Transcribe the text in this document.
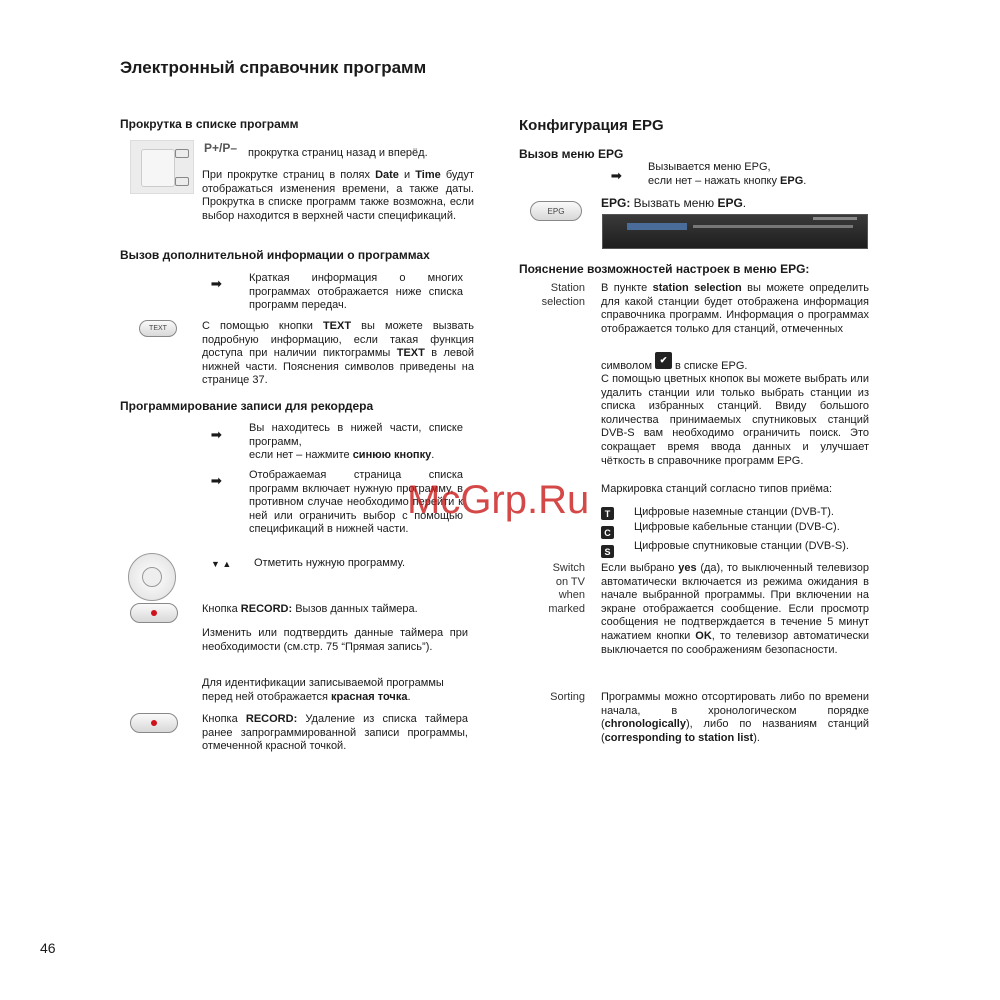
Электронный справочник программ
Прокрутка в списке программ
P+/P– прокрутка страниц назад и вперёд.
При прокрутке страниц в полях Date и Time будут отображаться изменения времени, а также даты. Прокрутка в списке программ также возможна, если выбор находится в верхней части спецификаций.
Вызов дополнительной информации о программах
➟	Краткая информация о многих программах отображается ниже списка программ передач.
TEXT	С помощью кнопки TEXT вы можете вызвать подробную информацию, если такая функция доступа при наличии пиктограммы TEXT в левой нижней части. Пояснения символов приведены на странице 37.
Программирование записи для рекордера
➟	Вы находитесь в нижей части, списке программ,
если нет – нажмите синюю кнопку.
➟	Отображаемая страница списка программ включает нужную программу, в противном случае необходимо перейти к ней или ограничить выбор с помощью спецификаций в нижней части.
▼ ▲ Отметить нужную программу.
Кнопка RECORD: Вызов данных таймера.
Изменить или подтвердить данные таймера при необходимости (см.стр. 75 “Прямая запись”).
Для идентификации записываемой программы перед ней отображается красная точка.
Кнопка RECORD: Удаление из списка таймера ранее запрограммированной записи программы, отмеченной красной точкой.
Конфигурация EPG
Вызов меню EPG
➟
Вызывается меню EPG,
если нет – нажать кнопку EPG.
EPG
EPG: Вызвать меню EPG.
Пояснение возможностей настроек в меню EPG:
Station selection
В пункте station selection вы можете определить для какой станции будет отображена информация справочника программ. Информация о программах отображается только для станций, отмеченных
символом ✔ в списке EPG.
С помощью цветных кнопок вы можете выбрать или удалить станции или только выбрать станции из списка избранных станций. Ввиду большого количества принимаемых спутниковых станций DVB-S вам необходимо ограничить поиск. Это сокращает время ввода данных и улучшает чёткость в справочнике программ EPG.
Маркировка станций согласно типов приёма:
T	Цифровые наземные станции (DVB-T).
C Цифровые кабельные станции (DVB-C).
S	Цифровые спутниковые станции (DVB-S).
Switch on TV when marked
Если выбрано yes (да), то выключенный телевизор автоматически включается из режима ожидания в начале выбранной программы. При включении на экране отображается сообщение. Если просмотр сообщения не подтверждается в течение 5 минут нажатием кнопки OK, то телевизор автоматически выключается по соображениям безопасности.
Sorting Программы можно отсортировать либо по времени начала, в хронологическом порядке (chronologically), либо по названиям станций (corresponding to station list).
McGrp.Ru
46
